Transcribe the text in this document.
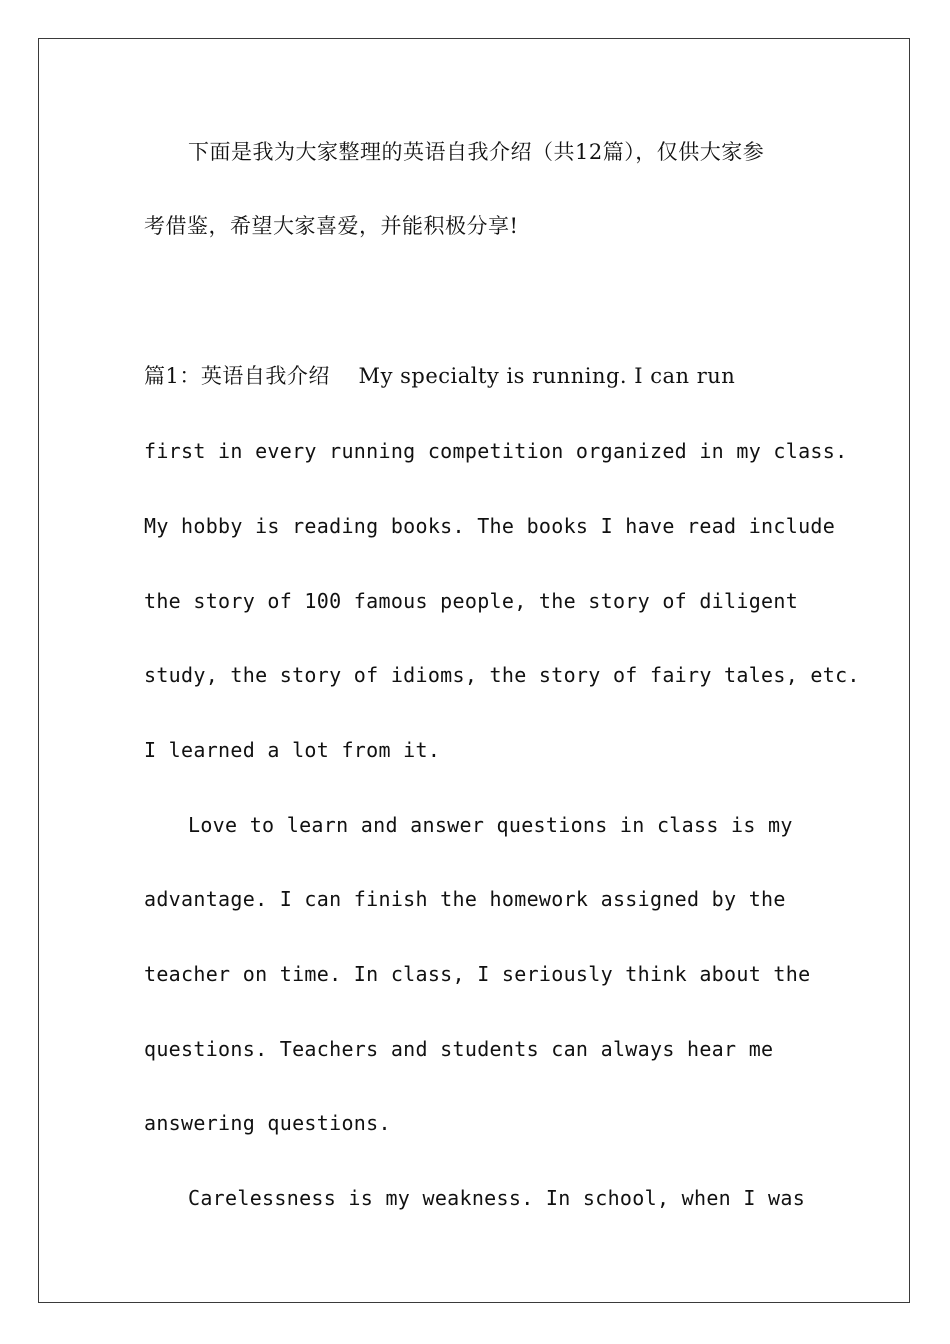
下面是我为大家整理的英语自我介绍（共12篇），仅供大家参
考借鉴，希望大家喜爱，并能积极分享!
篇1：英语自我介绍    My specialty is running. I can run
first in every running competition organized in my class.
My hobby is reading books. The books I have read include
the story of 100 famous people, the story of diligent
study, the story of idioms, the story of fairy tales, etc.
I learned a lot from it.
Love to learn and answer questions in class is my
advantage. I can finish the homework assigned by the
teacher on time. In class, I seriously think about the
questions. Teachers and students can always hear me
answering questions.
Carelessness is my weakness. In school, when I was
